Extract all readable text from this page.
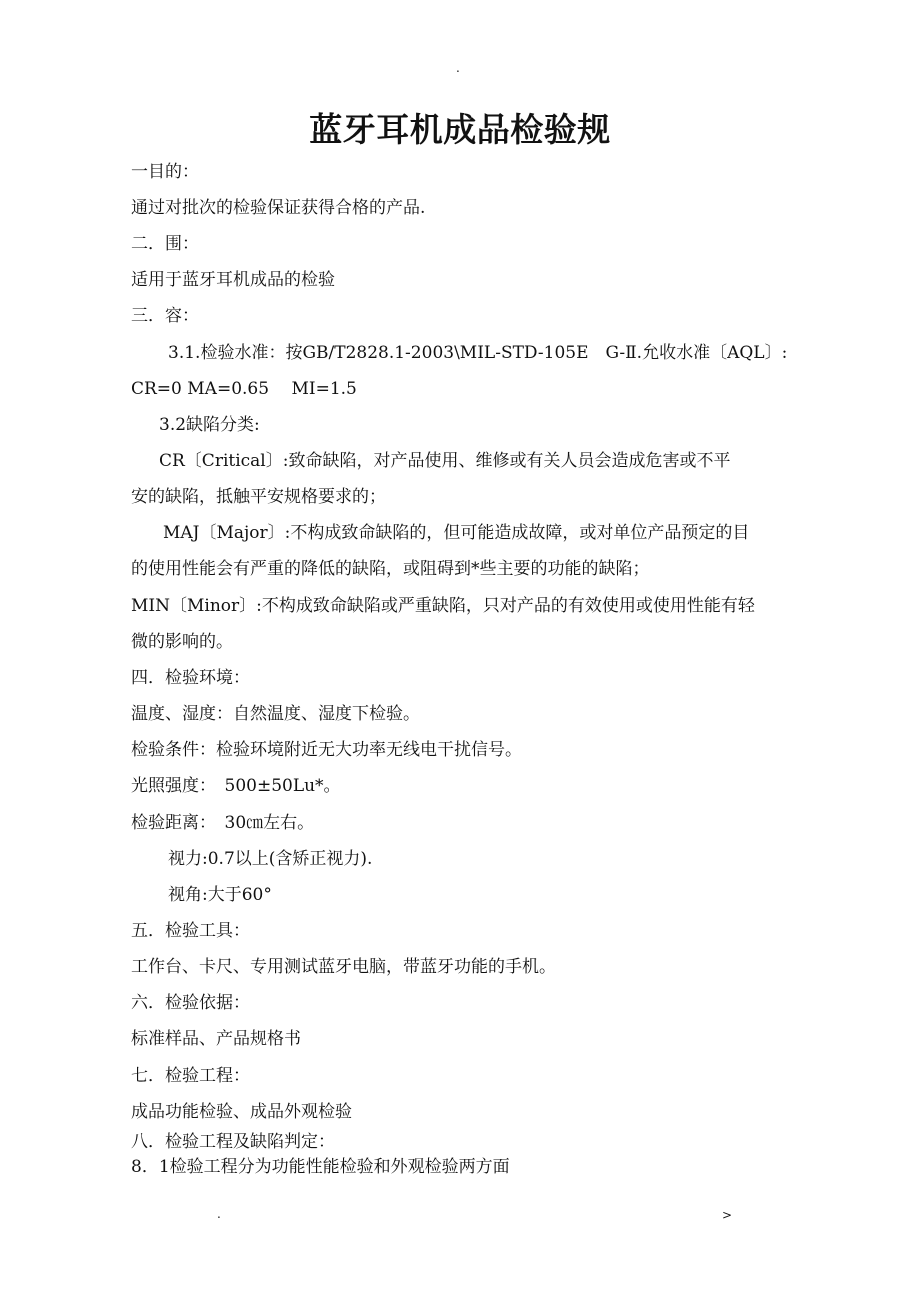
.
蓝牙耳机成品检验规
一目的：
通过对批次的检验保证获得合格的产品.
二．围：
适用于蓝牙耳机成品的检验
三．容：
3.1.检验水准：按GB/T2828.1-2003\MIL-STD-105E　G-Ⅱ.允收水准〔AQL〕:
CR=0 MA=0.65　 MI=1.5
3.2缺陷分类:
CR〔Critical〕:致命缺陷，对产品使用、维修或有关人员会造成危害或不平
安的缺陷，抵触平安规格要求的；
MAJ〔Major〕:不构成致命缺陷的，但可能造成故障，或对单位产品预定的目
的使用性能会有严重的降低的缺陷，或阻碍到*些主要的功能的缺陷；
MIN〔Minor〕:不构成致命缺陷或严重缺陷，只对产品的有效使用或使用性能有轻
微的影响的。
四．检验环境：
温度、湿度：自然温度、湿度下检验。
检验条件：检验环境附近无大功率无线电干扰信号。
光照强度：　500±50Lu*。
检验距离：　30㎝左右。
视力:0.7以上(含矫正视力).
视角:大于60°
五．检验工具：
工作台、卡尺、专用测试蓝牙电脑，带蓝牙功能的手机。
六．检验依据：
标准样品、产品规格书
七．检验工程：
成品功能检验、成品外观检验
八．检验工程及缺陷判定：
8．1检验工程分为功能性能检验和外观检验两方面
.	>
